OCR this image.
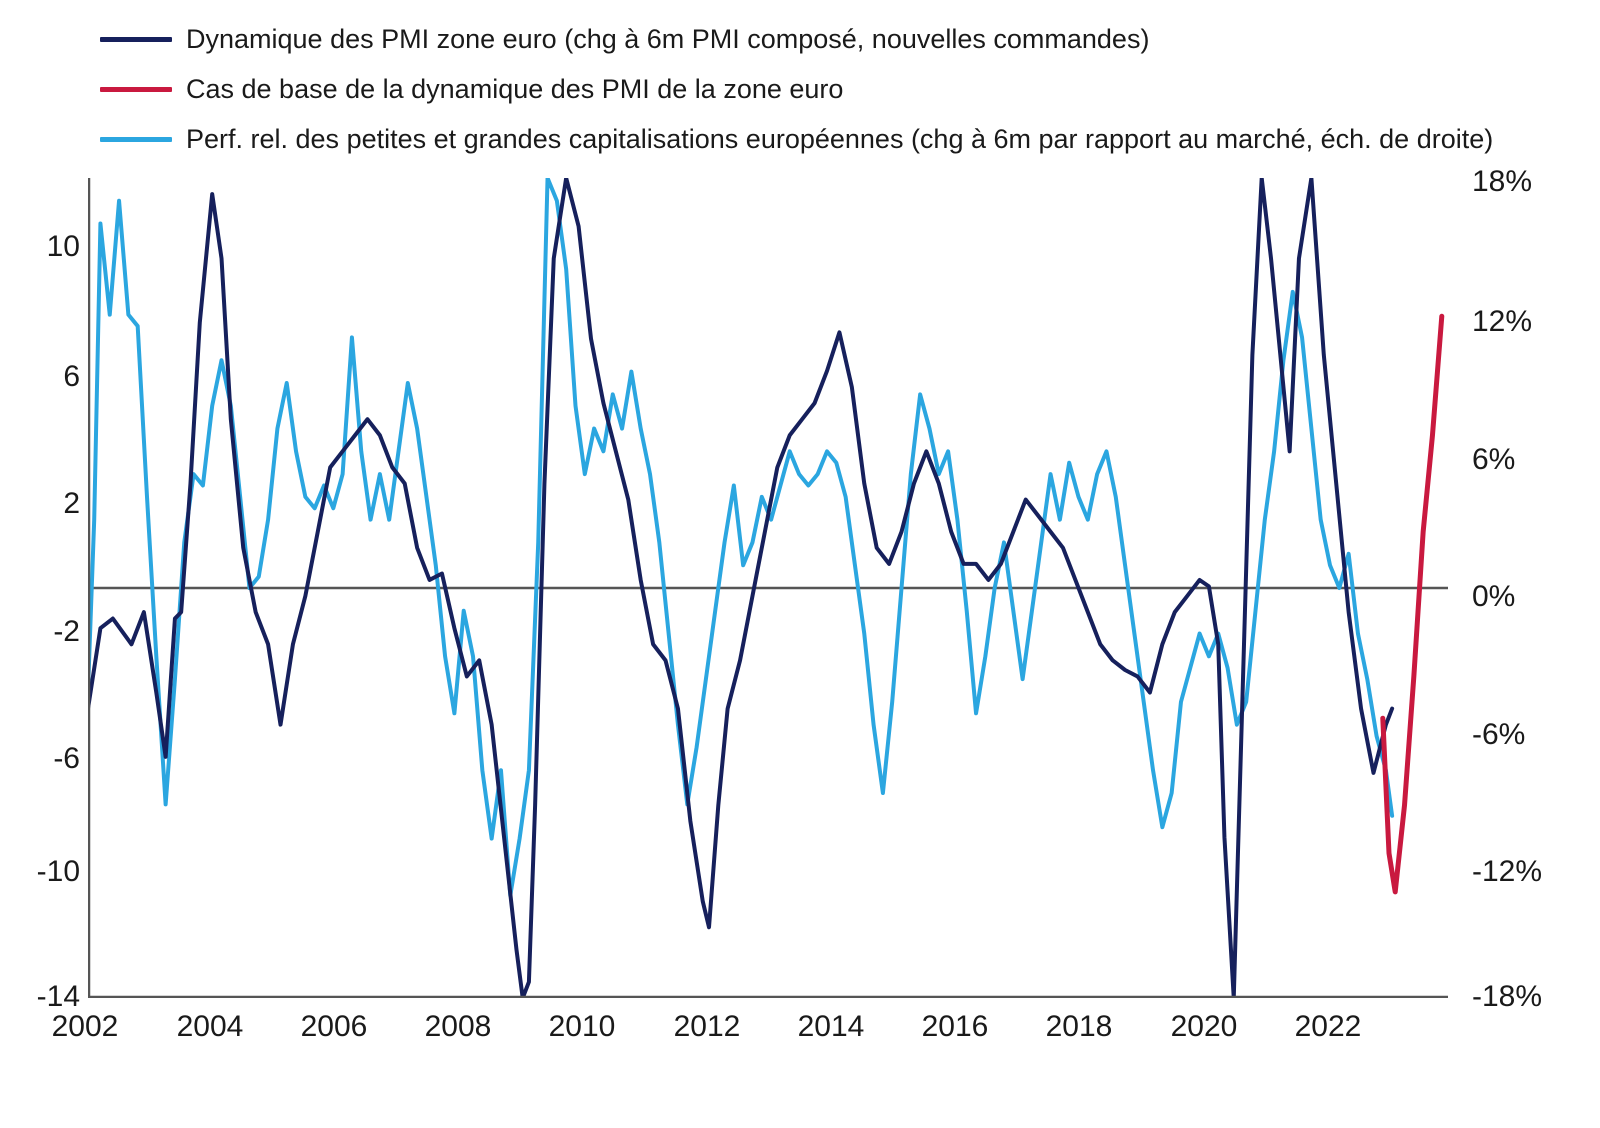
Dynamique des PMI zone euro (chg à 6m PMI composé, nouvelles commandes)
Cas de base de la dynamique des PMI de la zone euro
Perf. rel. des petites et grandes capitalisations européennes (chg à 6m par rapport au marché, éch. de droite)
10
6
2
-2
-6
-10
-14
18%
12%
6%
0%
-6%
-12%
-18%
2002	2004	2006	2008	2010	2012	2014	2016	2018	2020	2022
